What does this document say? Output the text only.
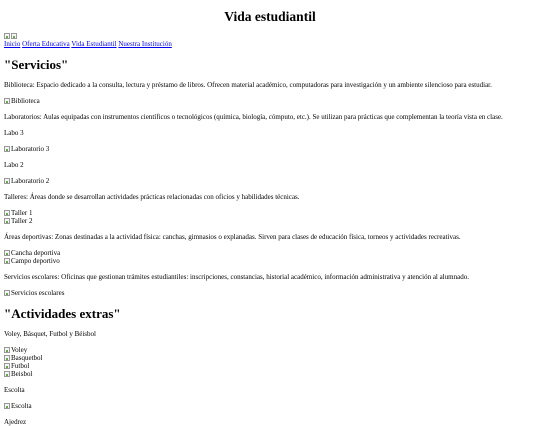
Vida estudiantil
Inicio Oferta Educativa Vida Estudiantil Nuestra Institución
"Servicios"

Biblioteca: Espacio dedicado a la consulta, lectura y préstamo de libros. Ofrecen material académico, computadoras para investigación y un ambiente silencioso para estudiar.

Biblioteca

Laboratorios: Aulas equipadas con instrumentos científicos o tecnológicos (química, biología, cómputo, etc.). Se utilizan para prácticas que complementan la teoría vista en clase.

Labo 3

Laboratorio 3

Labo 2

Laboratorio 2

Talleres: Áreas donde se desarrollan actividades prácticas relacionadas con oficios y habilidades técnicas.

Taller 1
Taller 2

Áreas deportivas: Zonas destinadas a la actividad física: canchas, gimnasios o explanadas. Sirven para clases de educación física, torneos y actividades recreativas.

Cancha deportiva
Campo deportivo

Servicios escolares: Oficinas que gestionan trámites estudiantiles: inscripciones, constancias, historial académico, información administrativa y atención al alumnado.

Servicios escolares
"Actividades extras"

Voley, Básquet, Futbol y Béisbol

Voley
Basquetbol
Futbol
Beisbol

Escolta

Escolta

Ajedrez
